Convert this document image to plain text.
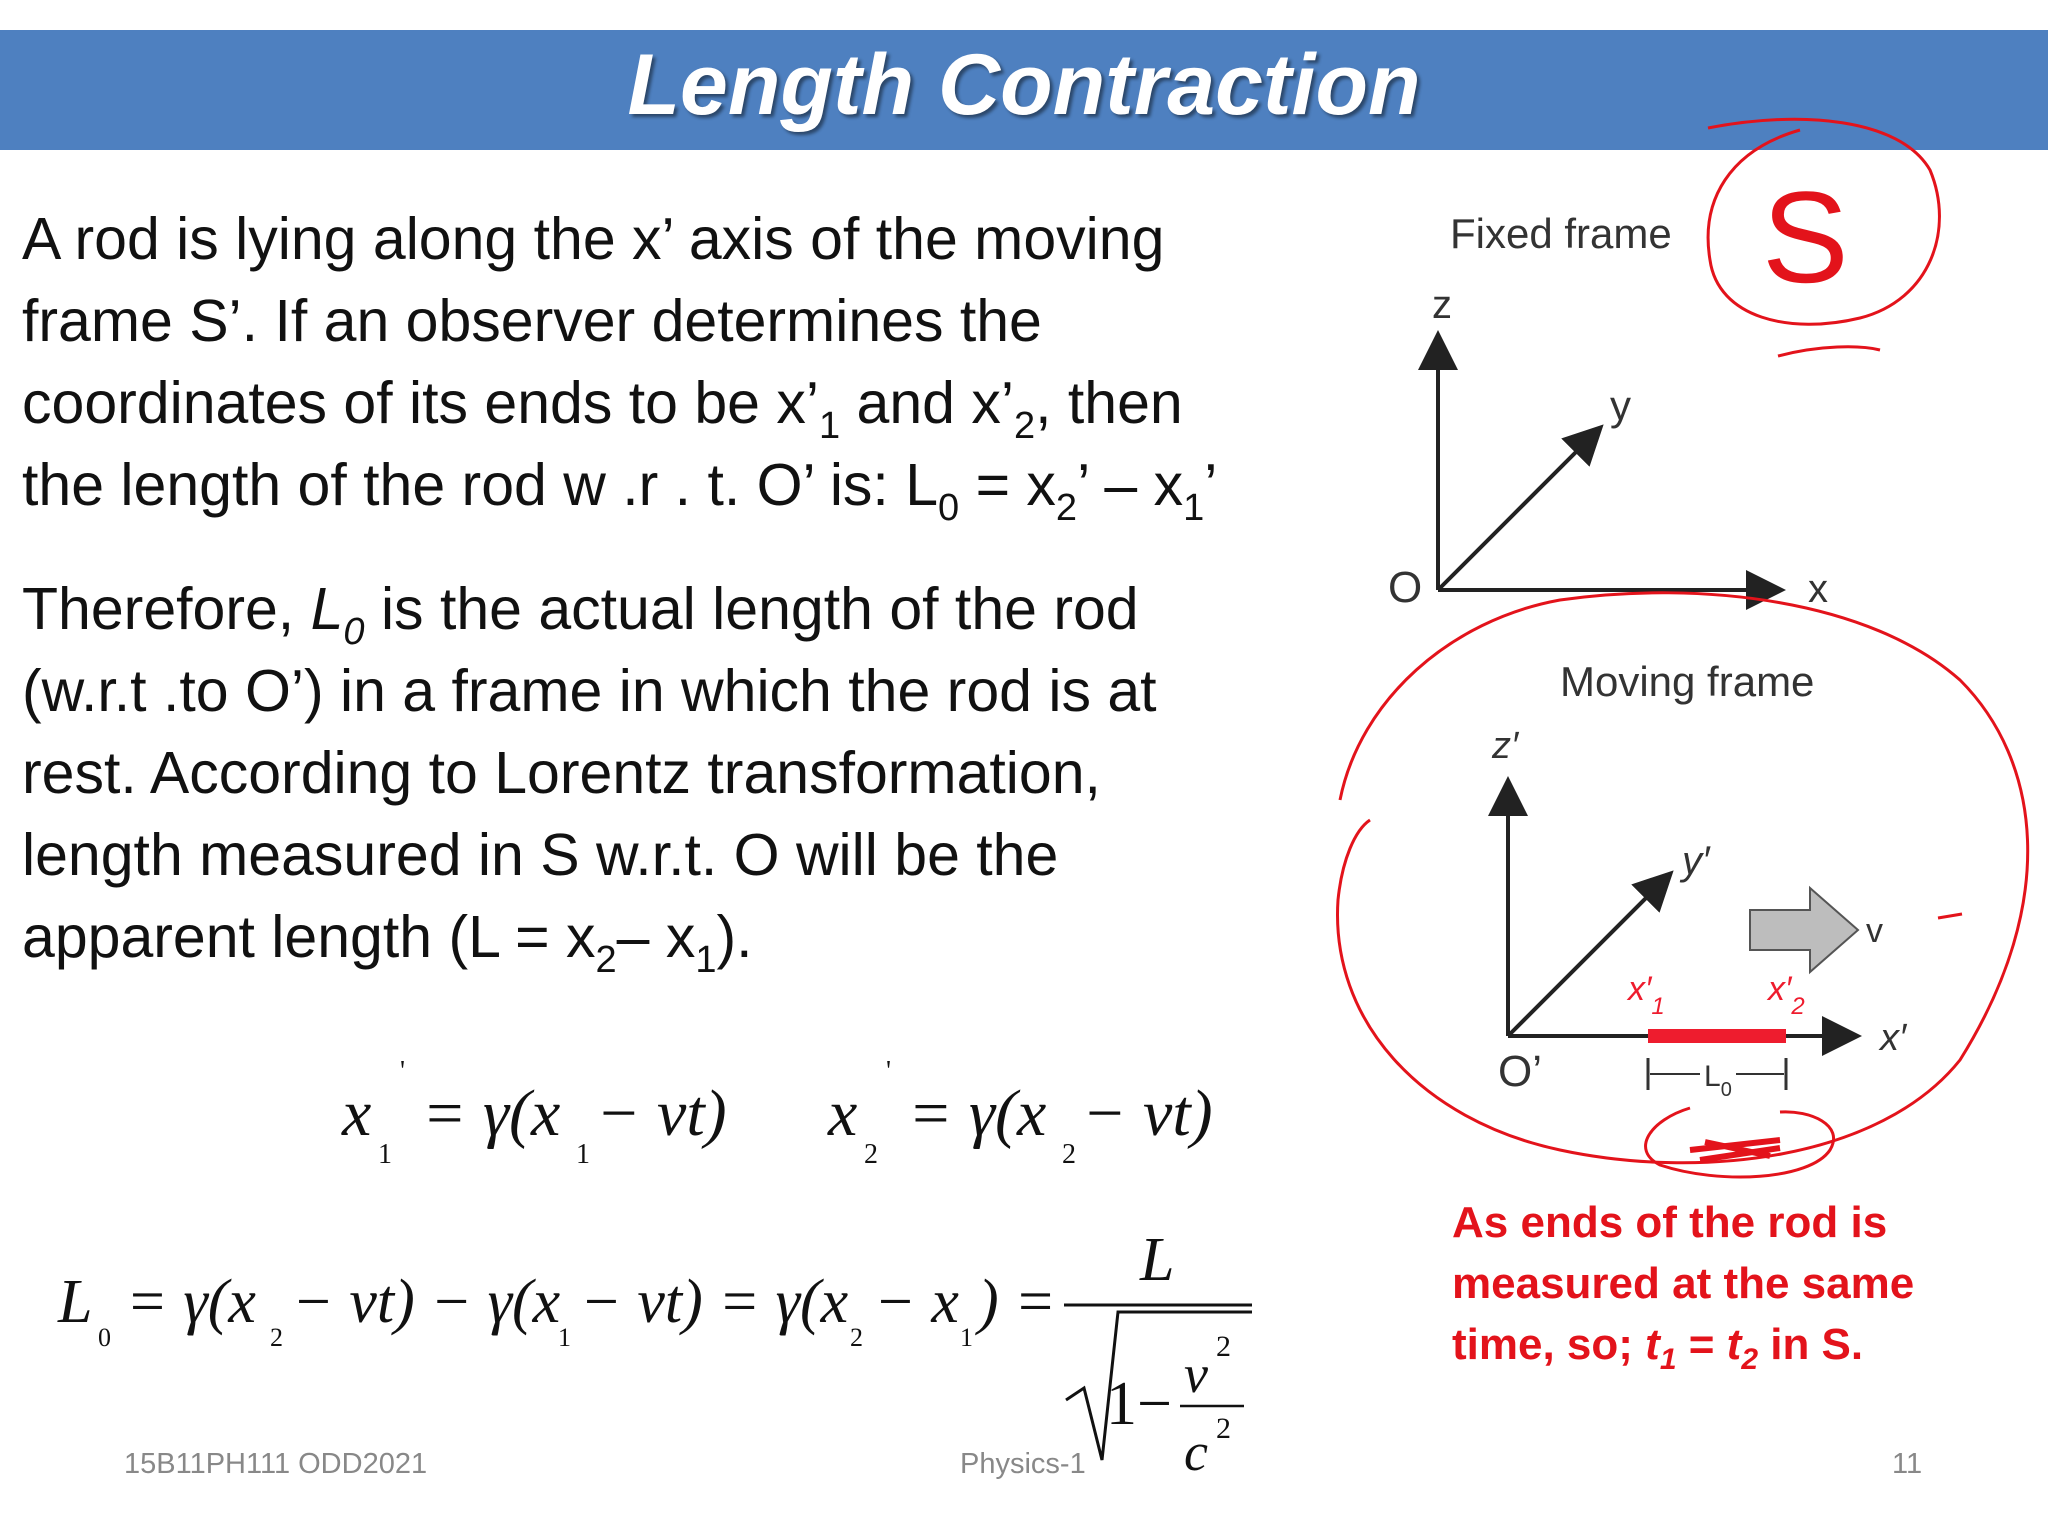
Length Contraction
A rod is lying along the x’ axis of the moving
frame S’. If an observer determines the
coordinates of its ends to be $x’_1$ and $x’_2$, then
the length of the rod w .r . t. O’ is: $L_0 = x_2$’ – $x_1$’
Therefore, $L_0$ is the actual length of the rod
(w.r.t .to O’) in a frame in which the rod is at
rest. According to Lorentz transformation,
length measured in S w.r.t. O will be the
apparent length ($L = x_2-$ $x_1$).
x
1
'
= γ(x
1
− vt) x
2
'
= γ(x
2
− vt)
L
0
= γ(x
2
− vt) − γ(x
1
− vt) = γ(x
2
− x
1
) =
L
1− v 2
c 2
Fixed frame
z
y
x
O
Moving frame
z′
y′
x′
O’
v
$x'_1$	$x'_2$
$L_0$
S
As ends of the rod is
measured at the same
time, so; $t_1 = t_2$ in S.
15B11PH111 ODD2021	Physics-1	11
